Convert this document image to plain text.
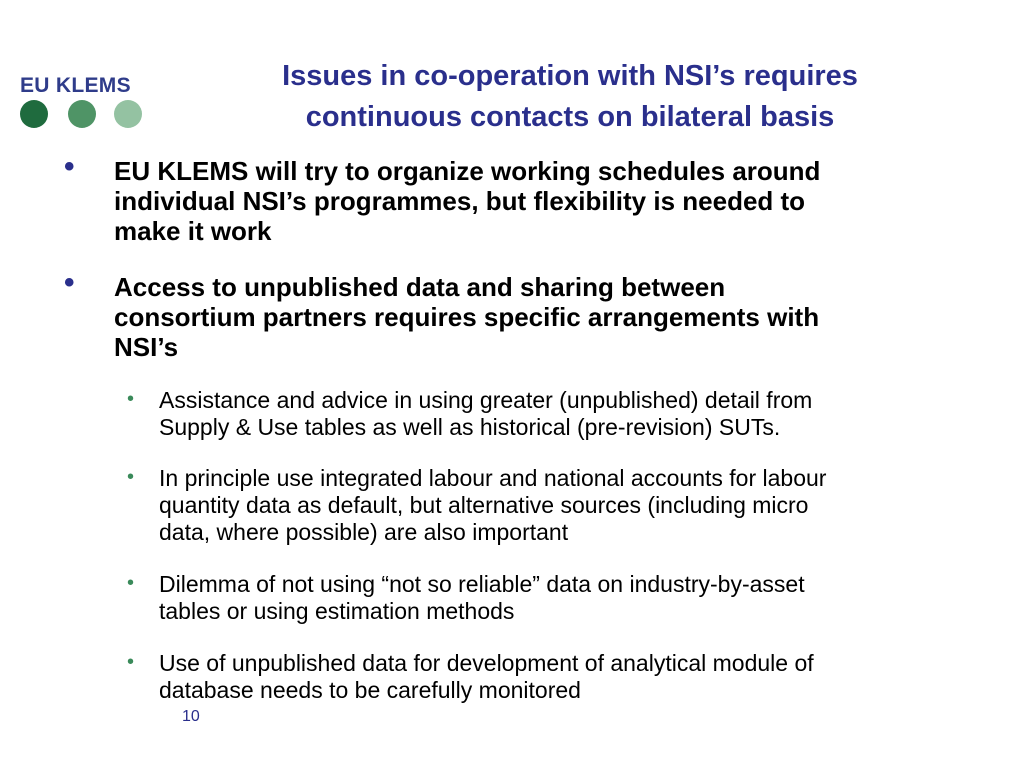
EU KLEMS	Issues in co-operation with NSI’s requires
continuous contacts on bilateral basis
• EU KLEMS will try to organize working schedules around
individual NSI’s programmes, but flexibility is needed to
make it work
• Access to unpublished data and sharing between
consortium partners requires specific arrangements with
NSI’s
• Assistance and advice in using greater (unpublished) detail from
Supply & Use tables as well as historical (pre-revision) SUTs.
• In principle use integrated labour and national accounts for labour
quantity data as default, but alternative sources (including micro
data, where possible) are also important
• Dilemma of not using “not so reliable” data on industry-by-asset
tables or using estimation methods
• Use of unpublished data for development of analytical module of
database needs to be carefully monitored
10
